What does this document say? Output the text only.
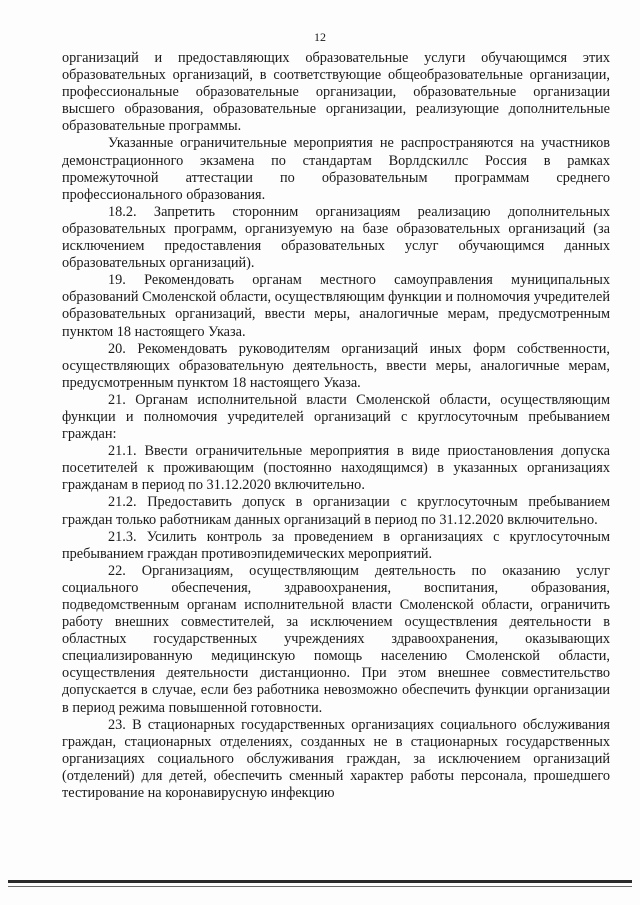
12

организаций и предоставляющих образовательные услуги обучающимся этих образовательных организаций, в соответствующие общеобразовательные организации, профессиональные образовательные организации, образовательные организации высшего образования, образовательные организации, реализующие дополнительные образовательные программы.

Указанные ограничительные мероприятия не распространяются на участников демонстрационного экзамена по стандартам Ворлдскиллс Россия в рамках промежуточной аттестации по образовательным программам среднего профессионального образования.

18.2. Запретить сторонним организациям реализацию дополнительных образовательных программ, организуемую на базе образовательных организаций (за исключением предоставления образовательных услуг обучающимся данных образовательных организаций).

19. Рекомендовать органам местного самоуправления муниципальных образований Смоленской области, осуществляющим функции и полномочия учредителей образовательных организаций, ввести меры, аналогичные мерам, предусмотренным пунктом 18 настоящего Указа.

20. Рекомендовать руководителям организаций иных форм собственности, осуществляющих образовательную деятельность, ввести меры, аналогичные мерам, предусмотренным пунктом 18 настоящего Указа.

21. Органам исполнительной власти Смоленской области, осуществляющим функции и полномочия учредителей организаций с круглосуточным пребыванием граждан:

21.1. Ввести ограничительные мероприятия в виде приостановления допуска посетителей к проживающим (постоянно находящимся) в указанных организациях гражданам в период по 31.12.2020 включительно.

21.2. Предоставить допуск в организации с круглосуточным пребыванием граждан только работникам данных организаций в период по 31.12.2020 включительно.

21.3. Усилить контроль за проведением в организациях с круглосуточным пребыванием граждан противоэпидемических мероприятий.

22. Организациям, осуществляющим деятельность по оказанию услуг социального обеспечения, здравоохранения, воспитания, образования, подведомственным органам исполнительной власти Смоленской области, ограничить работу внешних совместителей, за исключением осуществления деятельности в областных государственных учреждениях здравоохранения, оказывающих специализированную медицинскую помощь населению Смоленской области, осуществления деятельности дистанционно. При этом внешнее совместительство допускается в случае, если без работника невозможно обеспечить функции организации в период режима повышенной готовности.

23. В стационарных государственных организациях социального обслуживания граждан, стационарных отделениях, созданных не в стационарных государственных организациях социального обслуживания граждан, за исключением организаций (отделений) для детей, обеспечить сменный характер работы персонала, прошедшего тестирование на коронавирусную инфекцию
